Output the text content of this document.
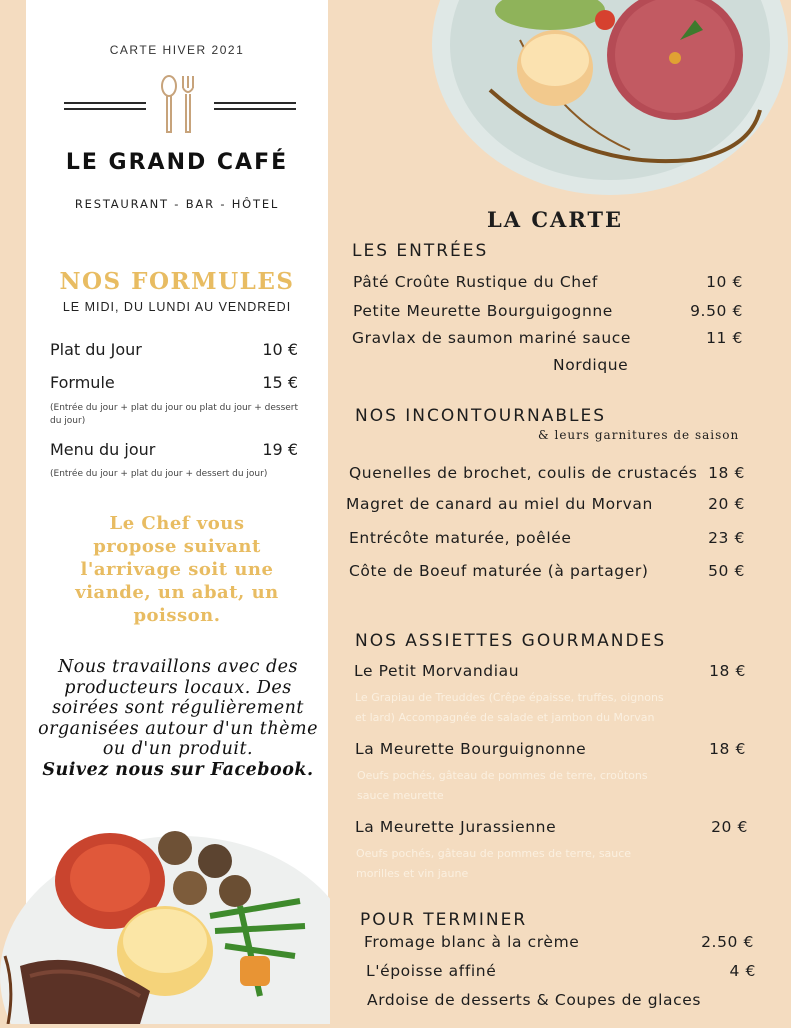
CARTE HIVER 2021
LE GRAND CAFÉ
RESTAURANT - BAR - HÔTEL
NOS FORMULES
LE MIDI, DU LUNDI AU VENDREDI
Plat du Jour	10 €
Formule	15 €
(Entrée du jour + plat du jour ou plat du jour + dessert du jour)
Menu du jour	19 €
(Entrée du jour + plat du jour + dessert du jour)
Le Chef vous propose suivant l'arrivage soit une viande, un abat, un poisson.
Nous travaillons avec des producteurs locaux. Des soirées sont régulièrement organisées autour d'un thème ou d'un produit.
Suivez nous sur Facebook.
LA CARTE
LES ENTRÉES
Pâté Croûte Rustique du Chef	10 €
Petite Meurette Bourguigognne	9.50 €
Gravlax de saumon mariné sauce	11 €
Nordique
NOS INCONTOURNABLES
& leurs garnitures de saison
Quenelles de brochet, coulis de crustacés 18 €
Magret de canard au miel du Morvan	20 €
Entrécôte maturée, poêlée	23 €
Côte de Boeuf maturée (à partager)	50 €
NOS ASSIETTES GOURMANDES
Le Petit Morvandiau	18 €
Le Grapiau de Treuddes (Crêpe épaisse, truffes, oignons
et lard) Accompagnée de salade et jambon du Morvan
La Meurette Bourguignonne	18 €
Oeufs pochés, gâteau de pommes de terre, croûtons
sauce meurette
La Meurette Jurassienne	20 €
Oeufs pochés, gâteau de pommes de terre, sauce
morilles et vin jaune
POUR TERMINER
Fromage blanc à la crème	2.50 €
L'époisse affiné	4 €
Ardoise de desserts & Coupes de glaces
